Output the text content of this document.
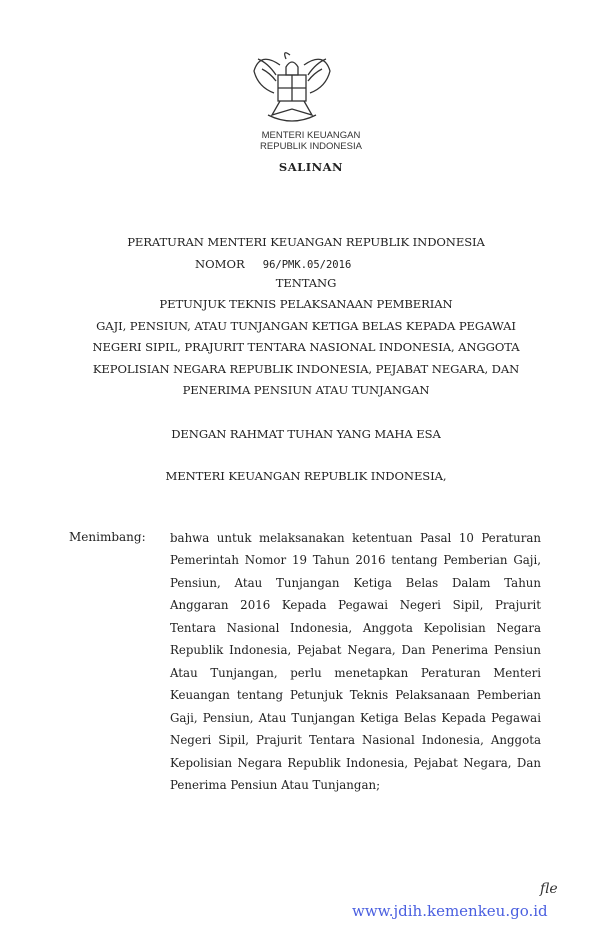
MENTERI KEUANGAN
REPUBLIK INDONESIA
SALINAN
PERATURAN MENTERI KEUANGAN REPUBLIK INDONESIA
NOMOR 96/PMK.05/2016
TENTANG
PETUNJUK TEKNIS PELAKSANAAN PEMBERIAN
GAJI, PENSIUN, ATAU TUNJANGAN KETIGA BELAS KEPADA PEGAWAI
NEGERI SIPIL, PRAJURIT TENTARA NASIONAL INDONESIA, ANGGOTA
KEPOLISIAN NEGARA REPUBLIK INDONESIA, PEJABAT NEGARA, DAN
PENERIMA PENSIUN ATAU TUNJANGAN
DENGAN RAHMAT TUHAN YANG MAHA ESA
MENTERI KEUANGAN REPUBLIK INDONESIA,
Menimbang: bahwa untuk melaksanakan ketentuan Pasal 10 Peraturan Pemerintah Nomor 19 Tahun 2016 tentang Pemberian Gaji, Pensiun, Atau Tunjangan Ketiga Belas Dalam Tahun Anggaran 2016 Kepada Pegawai Negeri Sipil, Prajurit Tentara Nasional Indonesia, Anggota Kepolisian Negara Republik Indonesia, Pejabat Negara, Dan Penerima Pensiun Atau Tunjangan, perlu menetapkan Peraturan Menteri Keuangan tentang Petunjuk Teknis Pelaksanaan Pemberian Gaji, Pensiun, Atau Tunjangan Ketiga Belas Kepada Pegawai Negeri Sipil, Prajurit Tentara Nasional Indonesia, Anggota Kepolisian Negara Republik Indonesia, Pejabat Negara, Dan Penerima Pensiun Atau Tunjangan;
www.jdih.kemenkeu.go.id
fle
